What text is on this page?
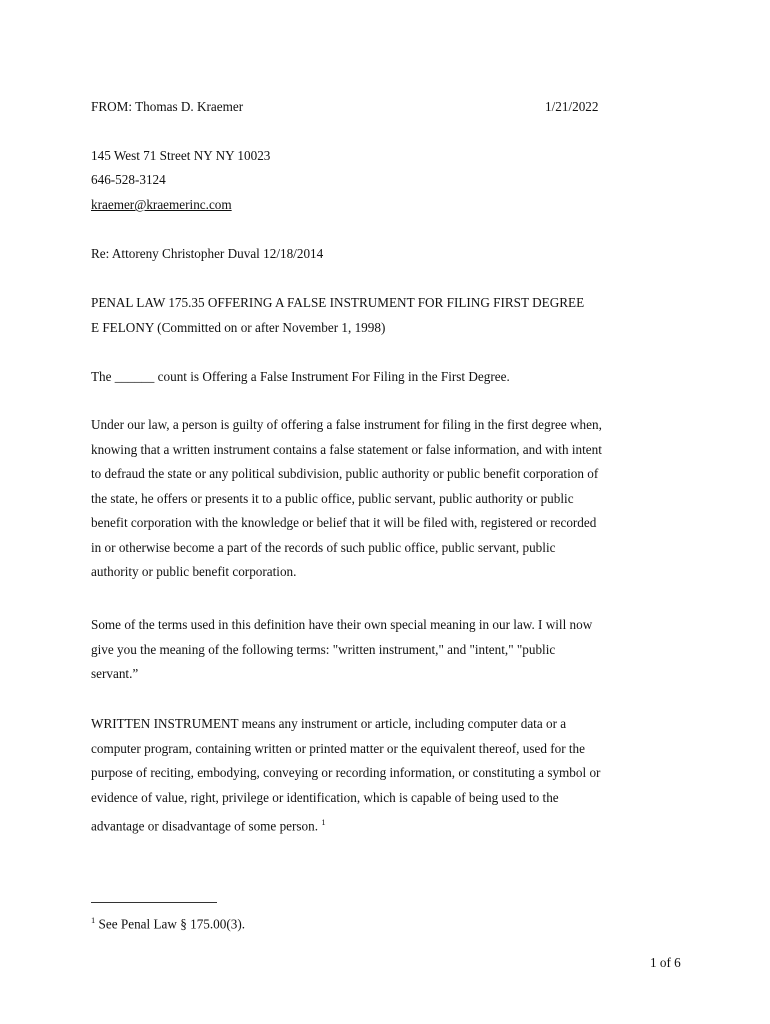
FROM: Thomas D. Kraemer	1/21/2022
145 West 71 Street NY NY 10023
646-528-3124
kraemer@kraemerinc.com
Re: Attoreny Christopher Duval 12/18/2014
PENAL LAW 175.35 OFFERING A FALSE INSTRUMENT FOR FILING FIRST DEGREE
E FELONY (Committed on or after November 1, 1998)
The ______ count is Offering a False Instrument For Filing in the First Degree.
Under our law, a person is guilty of offering a false instrument for filing in the first degree when,
knowing that a written instrument contains a false statement or false information, and with intent
to defraud the state or any political subdivision, public authority or public benefit corporation of
the state, he offers or presents it to a public office, public servant, public authority or public
benefit corporation with the knowledge or belief that it will be filed with, registered or recorded
in or otherwise become a part of the records of such public office, public servant, public
authority or public benefit corporation.
Some of the terms used in this definition have their own special meaning in our law. I will now
give you the meaning of the following terms: "written instrument," and "intent," "public
servant.”
WRITTEN INSTRUMENT means any instrument or article, including computer data or a
computer program, containing written or printed matter or the equivalent thereof, used for the
purpose of reciting, embodying, conveying or recording information, or constituting a symbol or
evidence of value, right, privilege or identification, which is capable of being used to the
advantage or disadvantage of some person. $^1$
$^1$ See Penal Law § 175.00(3).
1 of 6
